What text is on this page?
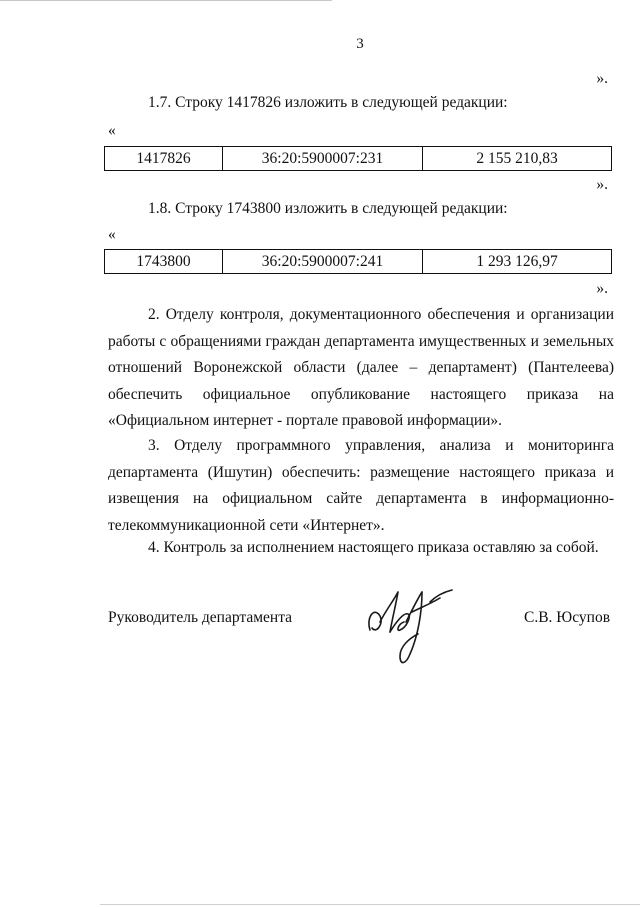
3
».
1.7. Строку 1417826 изложить в следующей редакции:
«
1417826	36:20:5900007:231	2 155 210,83
».
1.8. Строку 1743800 изложить в следующей редакции:
«
1743800	36:20:5900007:241	1 293 126,97
».
2. Отделу контроля, документационного обеспечения и организации
работы с обращениями граждан департамента имущественных и земельных
отношений Воронежской области (далее – департамент) (Пантелеева)
обеспечить официальное опубликование настоящего приказа на
«Официальном интернет - портале правовой информации».
3. Отделу программного управления, анализа и мониторинга
департамента (Ишутин) обеспечить: размещение настоящего приказа и
извещения на официальном сайте департамента в информационно-
телекоммуникационной сети «Интернет».
4. Контроль за исполнением настоящего приказа оставляю за собой.
Руководитель департамента	С.В. Юсупов
